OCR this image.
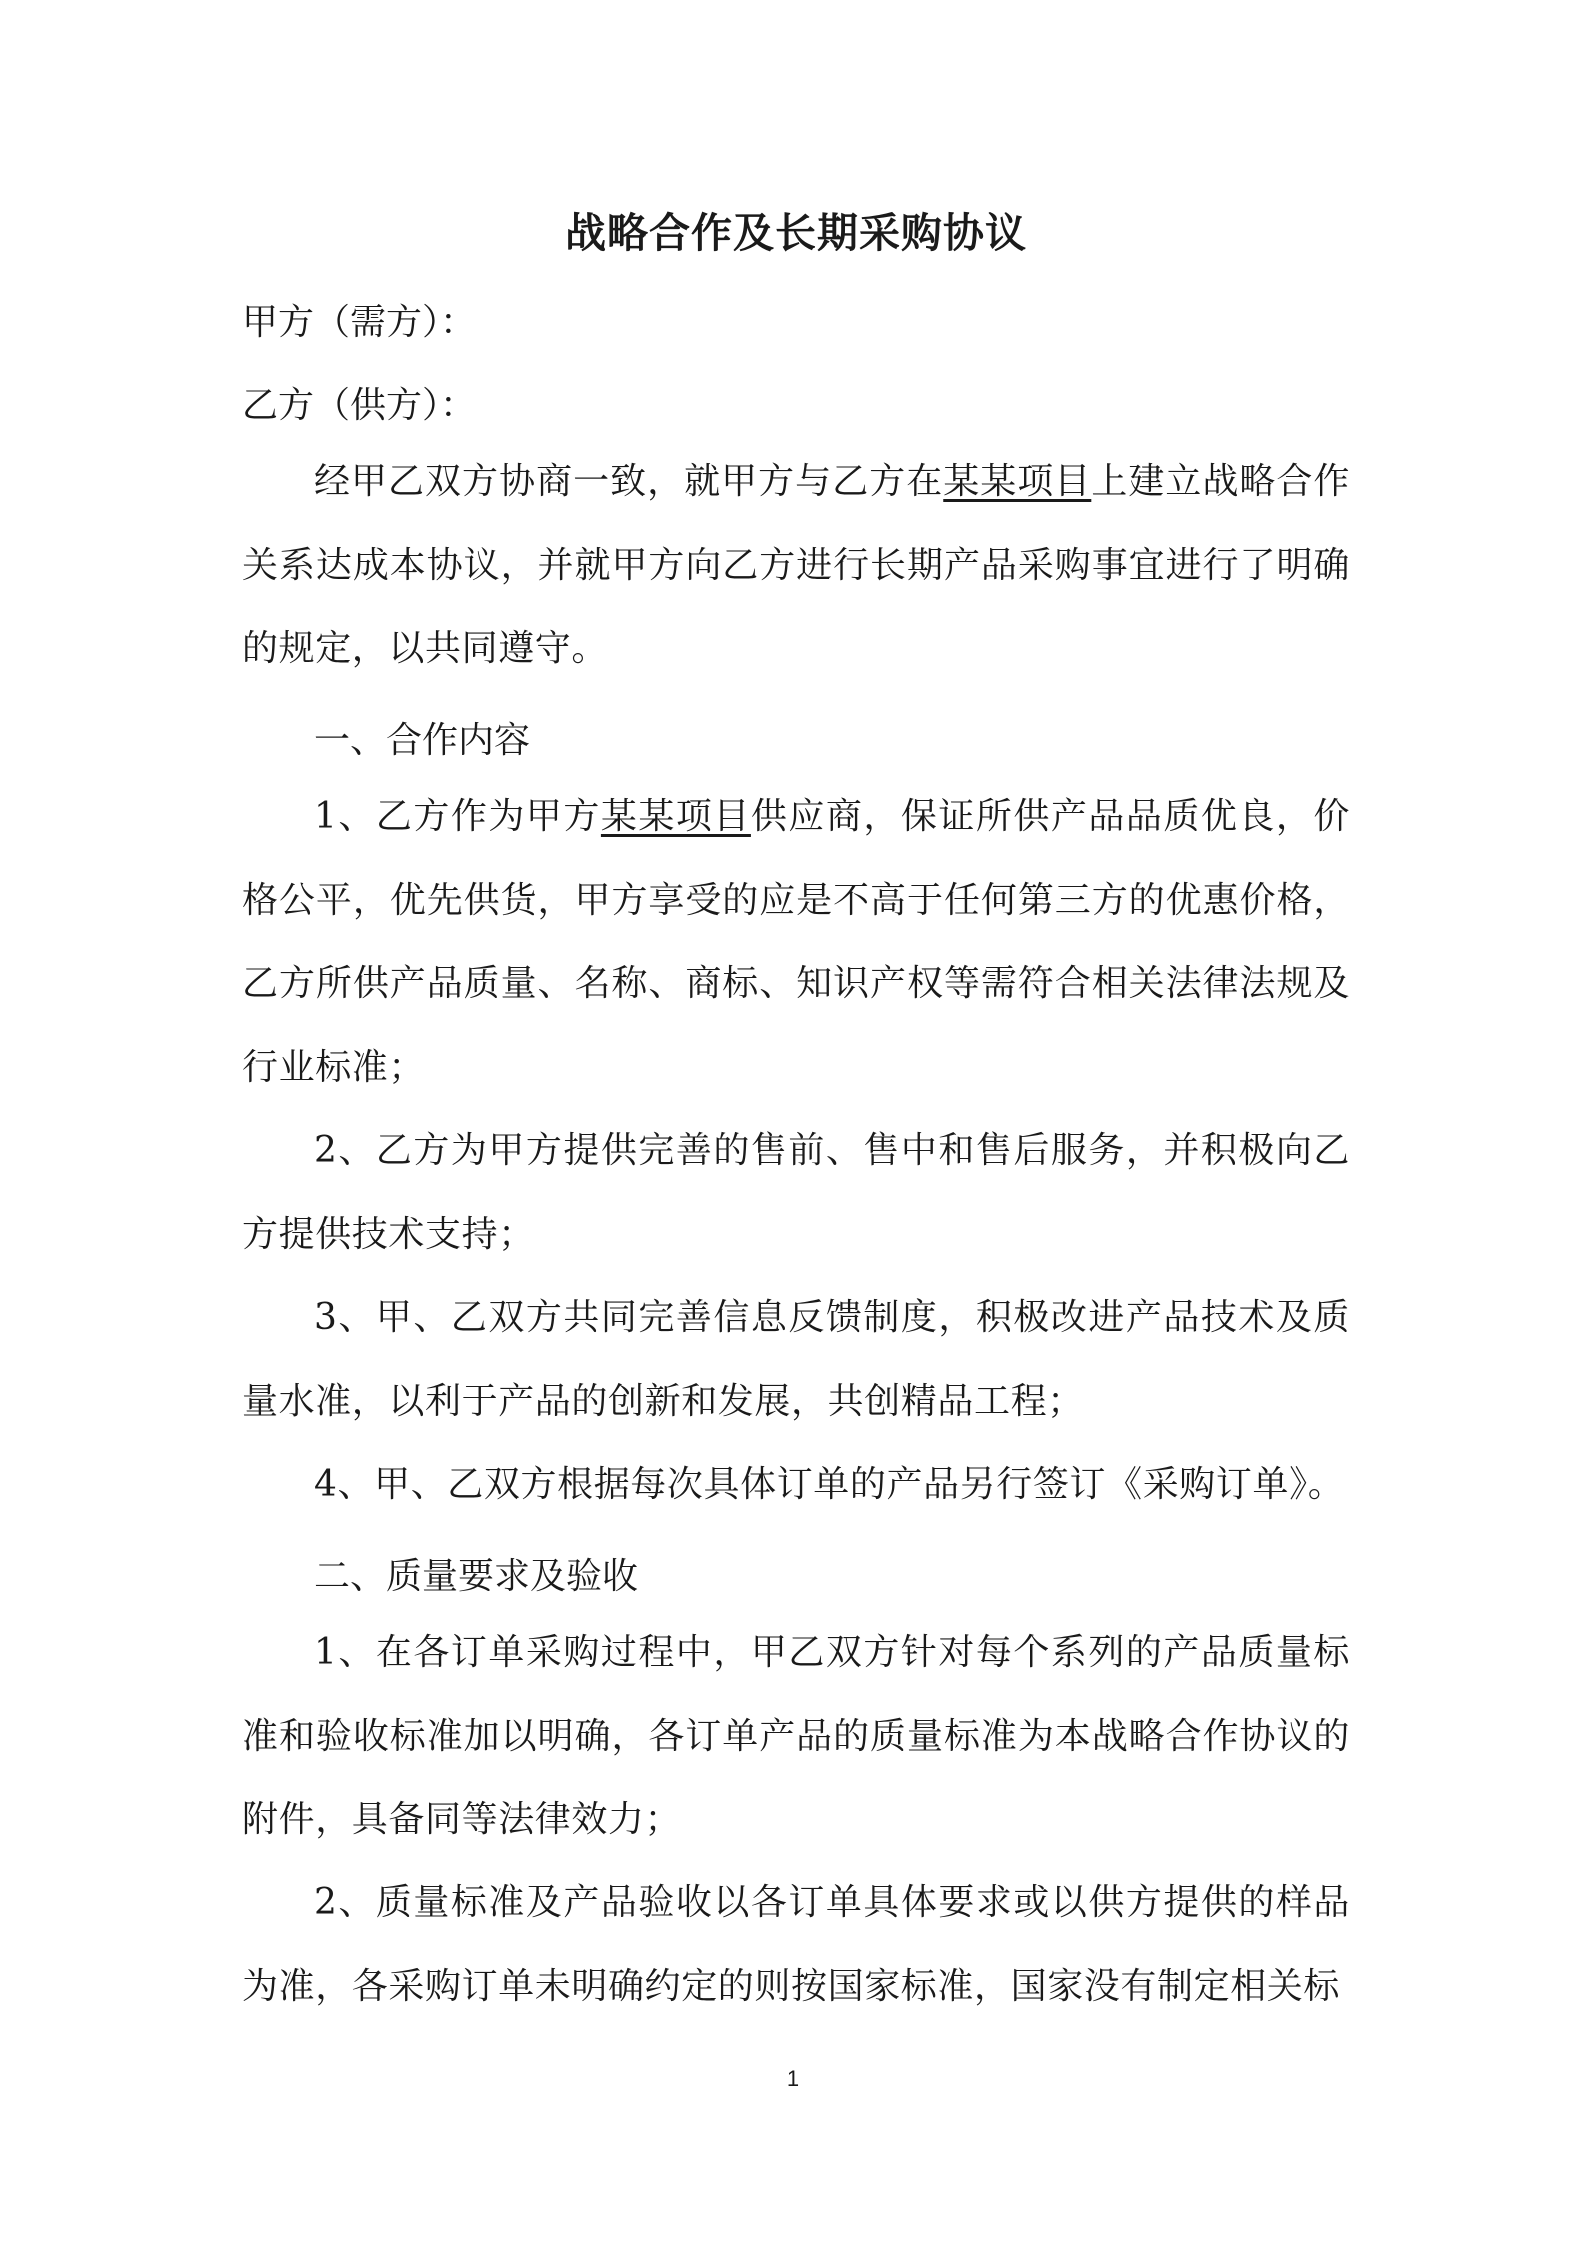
战略合作及长期采购协议

甲方（需方）：

乙方（供方）：

经甲乙双方协商一致，就甲方与乙方在某某项目上建立战略合作关系达成本协议，并就甲方向乙方进行长期产品采购事宜进行了明确的规定，以共同遵守。

一、合作内容

1、乙方作为甲方某某项目供应商，保证所供产品品质优良，价格公平，优先供货，甲方享受的应是不高于任何第三方的优惠价格，乙方所供产品质量、名称、商标、知识产权等需符合相关法律法规及行业标准；

2、乙方为甲方提供完善的售前、售中和售后服务，并积极向乙方提供技术支持；

3、甲、乙双方共同完善信息反馈制度，积极改进产品技术及质量水准，以利于产品的创新和发展，共创精品工程；

4、甲、乙双方根据每次具体订单的产品另行签订《采购订单》。

二、质量要求及验收

1、在各订单采购过程中，甲乙双方针对每个系列的产品质量标准和验收标准加以明确，各订单产品的质量标准为本战略合作协议的附件，具备同等法律效力；

2、质量标准及产品验收以各订单具体要求或以供方提供的样品为准，各采购订单未明确约定的则按国家标准，国家没有制定相关标

1
